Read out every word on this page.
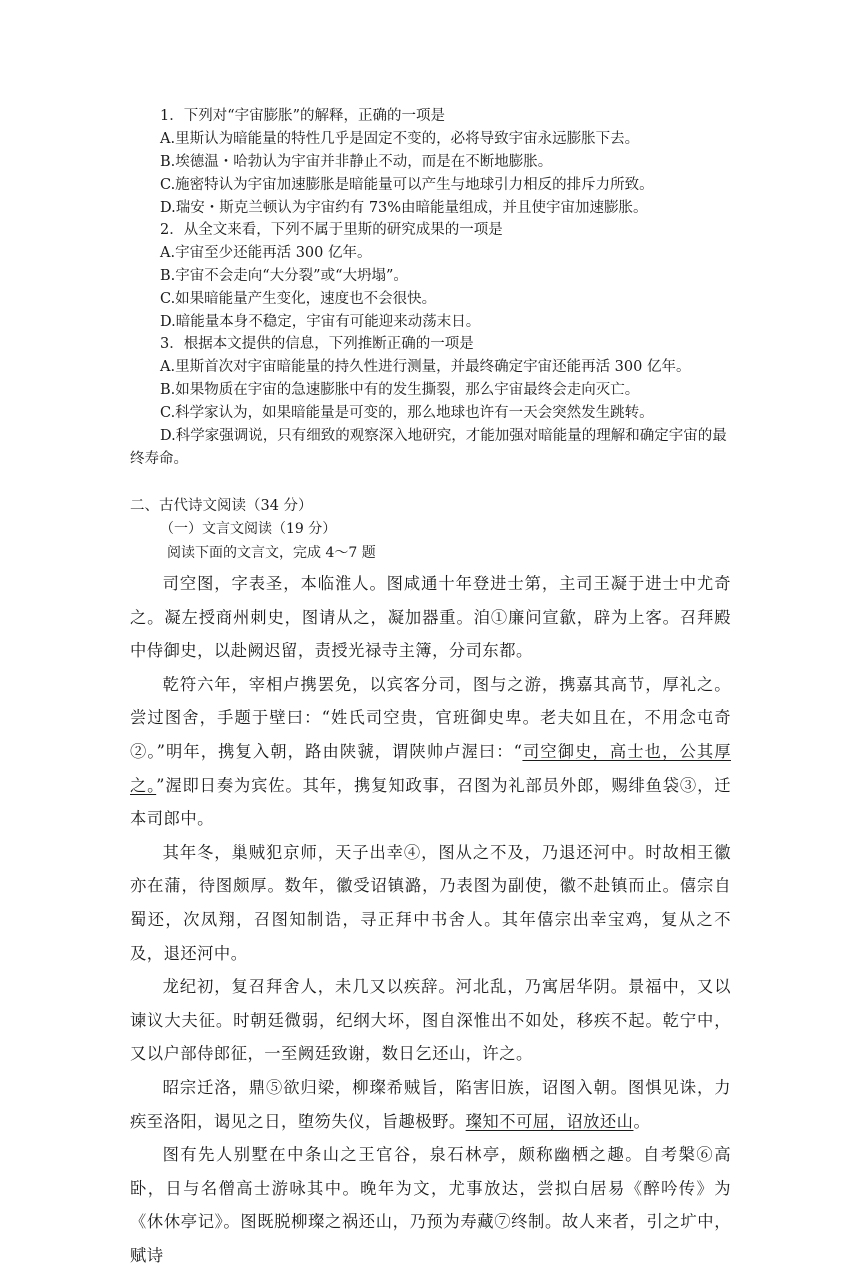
1．下列对“宇宙膨胀”的解释，正确的一项是
A.里斯认为暗能量的特性几乎是固定不变的，必将导致宇宙永远膨胀下去。
B.埃德温・哈勃认为宇宙并非静止不动，而是在不断地膨胀。
C.施密特认为宇宙加速膨胀是暗能量可以产生与地球引力相反的排斥力所致。
D.瑞安・斯克兰顿认为宇宙约有 73%由暗能量组成，并且使宇宙加速膨胀。
2．从全文来看，下列不属于里斯的研究成果的一项是
A.宇宙至少还能再活 300 亿年。
B.宇宙不会走向“大分裂”或“大坍塌”。
C.如果暗能量产生变化，速度也不会很快。
D.暗能量本身不稳定，宇宙有可能迎来动荡末日。
3．根据本文提供的信息，下列推断正确的一项是
A.里斯首次对宇宙暗能量的持久性进行测量，并最终确定宇宙还能再活 300 亿年。
B.如果物质在宇宙的急速膨胀中有的发生撕裂，那么宇宙最终会走向灭亡。
C.科学家认为，如果暗能量是可变的，那么地球也许有一天会突然发生跳转。
D.科学家强调说，只有细致的观察深入地研究，才能加强对暗能量的理解和确定宇宙的最终寿命。
二、古代诗文阅读（34 分）
（一）文言文阅读（19 分）
阅读下面的文言文，完成 4～7 题

司空图，字表圣，本临淮人。图咸通十年登进士第，主司王凝于进士中尤奇之。凝左授商州刺史，图请从之，凝加器重。洎①廉问宣歙，辟为上客。召拜殿中侍御史，以赴阙迟留，责授光禄寺主簿，分司东都。

乾符六年，宰相卢携罢免，以宾客分司，图与之游，携嘉其高节，厚礼之。尝过图舍，手题于壁曰：“姓氏司空贵，官班御史卑。老夫如且在，不用念屯奇②。”明年，携复入朝，路由陕虢，谓陕帅卢渥曰：“司空御史，高士也，公其厚之。”渥即日奏为宾佐。其年，携复知政事，召图为礼部员外郎，赐绯鱼袋③，迁本司郎中。

其年冬，巢贼犯京师，天子出幸④，图从之不及，乃退还河中。时故相王徽亦在蒲，待图颇厚。数年，徽受诏镇潞，乃表图为副使，徽不赴镇而止。僖宗自蜀还，次凤翔，召图知制诰，寻正拜中书舍人。其年僖宗出幸宝鸡，复从之不及，退还河中。

龙纪初，复召拜舍人，未几又以疾辞。河北乱，乃寓居华阴。景福中，又以谏议大夫征。时朝廷微弱，纪纲大坏，图自深惟出不如处，移疾不起。乾宁中，又以户部侍郎征，一至阙廷致谢，数日乞还山，许之。

昭宗迁洛，鼎⑤欲归梁，柳璨希贼旨，陷害旧族，诏图入朝。图惧见诛，力疾至洛阳，谒见之日，堕笏失仪，旨趣极野。璨知不可屈，诏放还山。

图有先人别墅在中条山之王官谷，泉石林亭，颇称幽栖之趣。自考槃⑥高卧，日与名僧高士游咏其中。晚年为文，尤事放达，尝拟白居易《醉吟传》为《休休亭记》。图既脱柳璨之祸还山，乃预为寿藏⑦终制。故人来者，引之圹中，赋诗
